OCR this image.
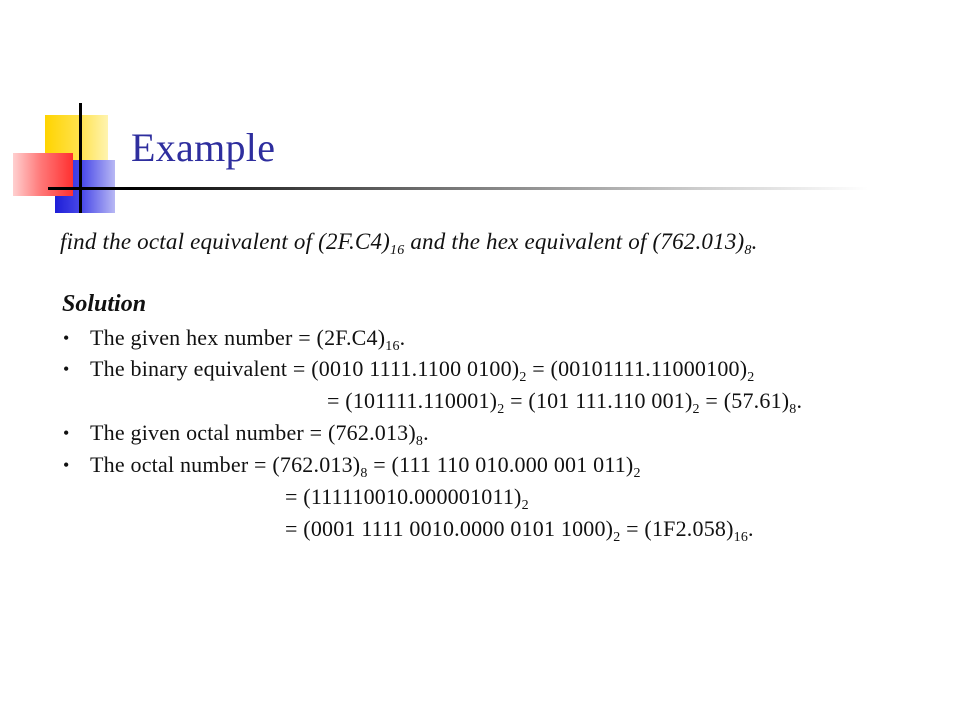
Example
find the octal equivalent of $(2F.C4)_{16}$ and the hex equivalent of $(762.013)_8$.
Solution
• The given hex number = $(2F.C4)_{16}$.
• The binary equivalent = (0010 1111.1100 $0100)_2 = (00101111.11000100)_2$
= $(101111.110001)_2 = (101$ 111.110 $001)_2 = (57.61)_8$.
• The given octal number = $(762.013)_8$.
• The octal number = $(762.013)_8 = (111$ 110 010.000 001 $011)_2$
= $(111110010.000001011)_2$
= (0001 1111 0010.0000 0101 $1000)_2 = (1F2.058)_{16}$.
